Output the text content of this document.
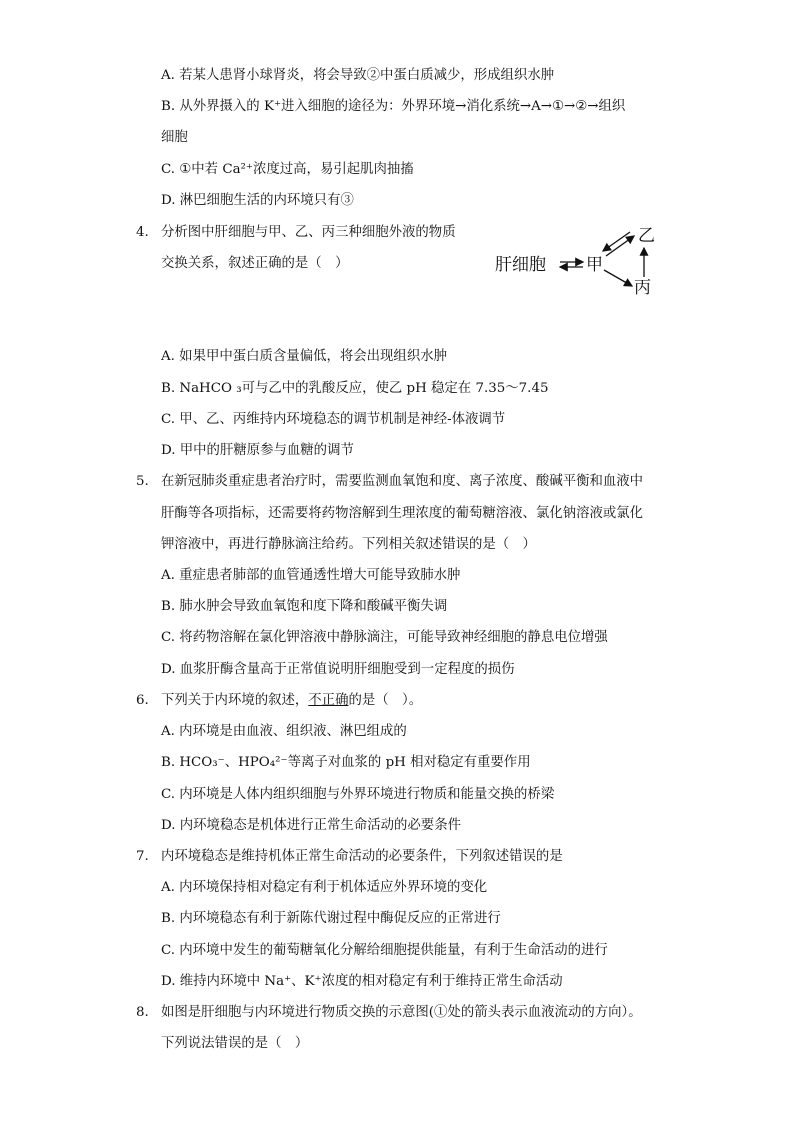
A. 若某人患肾小球肾炎，将会导致②中蛋白质减少，形成组织水肿
B. 从外界摄入的 K⁺进入细胞的途径为：外界环境→消化系统→A→①→②→组织
细胞
C. ①中若 Ca²⁺浓度过高，易引起肌肉抽搐
D. 淋巴细胞生活的内环境只有③
4. 分析图中肝细胞与甲、乙、丙三种细胞外液的物质
交换关系，叙述正确的是（　）	肝细胞 甲
乙
丙
A. 如果甲中蛋白质含量偏低，将会出现组织水肿
B. NaHCO ₃可与乙中的乳酸反应，使乙 pH 稳定在 7.35～7.45
C. 甲、乙、丙维持内环境稳态的调节机制是神经-体液调节
D. 甲中的肝糖原参与血糖的调节
5. 在新冠肺炎重症患者治疗时，需要监测血氧饱和度、离子浓度、酸碱平衡和血液中
肝酶等各项指标，还需要将药物溶解到生理浓度的葡萄糖溶液、氯化钠溶液或氯化
钾溶液中，再进行静脉滴注给药。下列相关叙述错误的是（　）
A. 重症患者肺部的血管通透性增大可能导致肺水肿
B. 肺水肿会导致血氧饱和度下降和酸碱平衡失调
C. 将药物溶解在氯化钾溶液中静脉滴注，可能导致神经细胞的静息电位增强
D. 血浆肝酶含量高于正常值说明肝细胞受到一定程度的损伤
6. 下列关于内环境的叙述，不正确的是（　）。
A. 内环境是由血液、组织液、淋巴组成的
B. HCO₃⁻、HPO₄²⁻等离子对血浆的 pH 相对稳定有重要作用
C. 内环境是人体内组织细胞与外界环境进行物质和能量交换的桥梁
D. 内环境稳态是机体进行正常生命活动的必要条件
7. 内环境稳态是维持机体正常生命活动的必要条件，下列叙述错误的是
A. 内环境保持相对稳定有利于机体适应外界环境的变化
B. 内环境稳态有利于新陈代谢过程中酶促反应的正常进行
C. 内环境中发生的葡萄糖氧化分解给细胞提供能量，有利于生命活动的进行
D. 维持内环境中 Na⁺、K⁺浓度的相对稳定有利于维持正常生命活动
8. 如图是肝细胞与内环境进行物质交换的示意图(①处的箭头表示血液流动的方向）。
下列说法错误的是（　）
